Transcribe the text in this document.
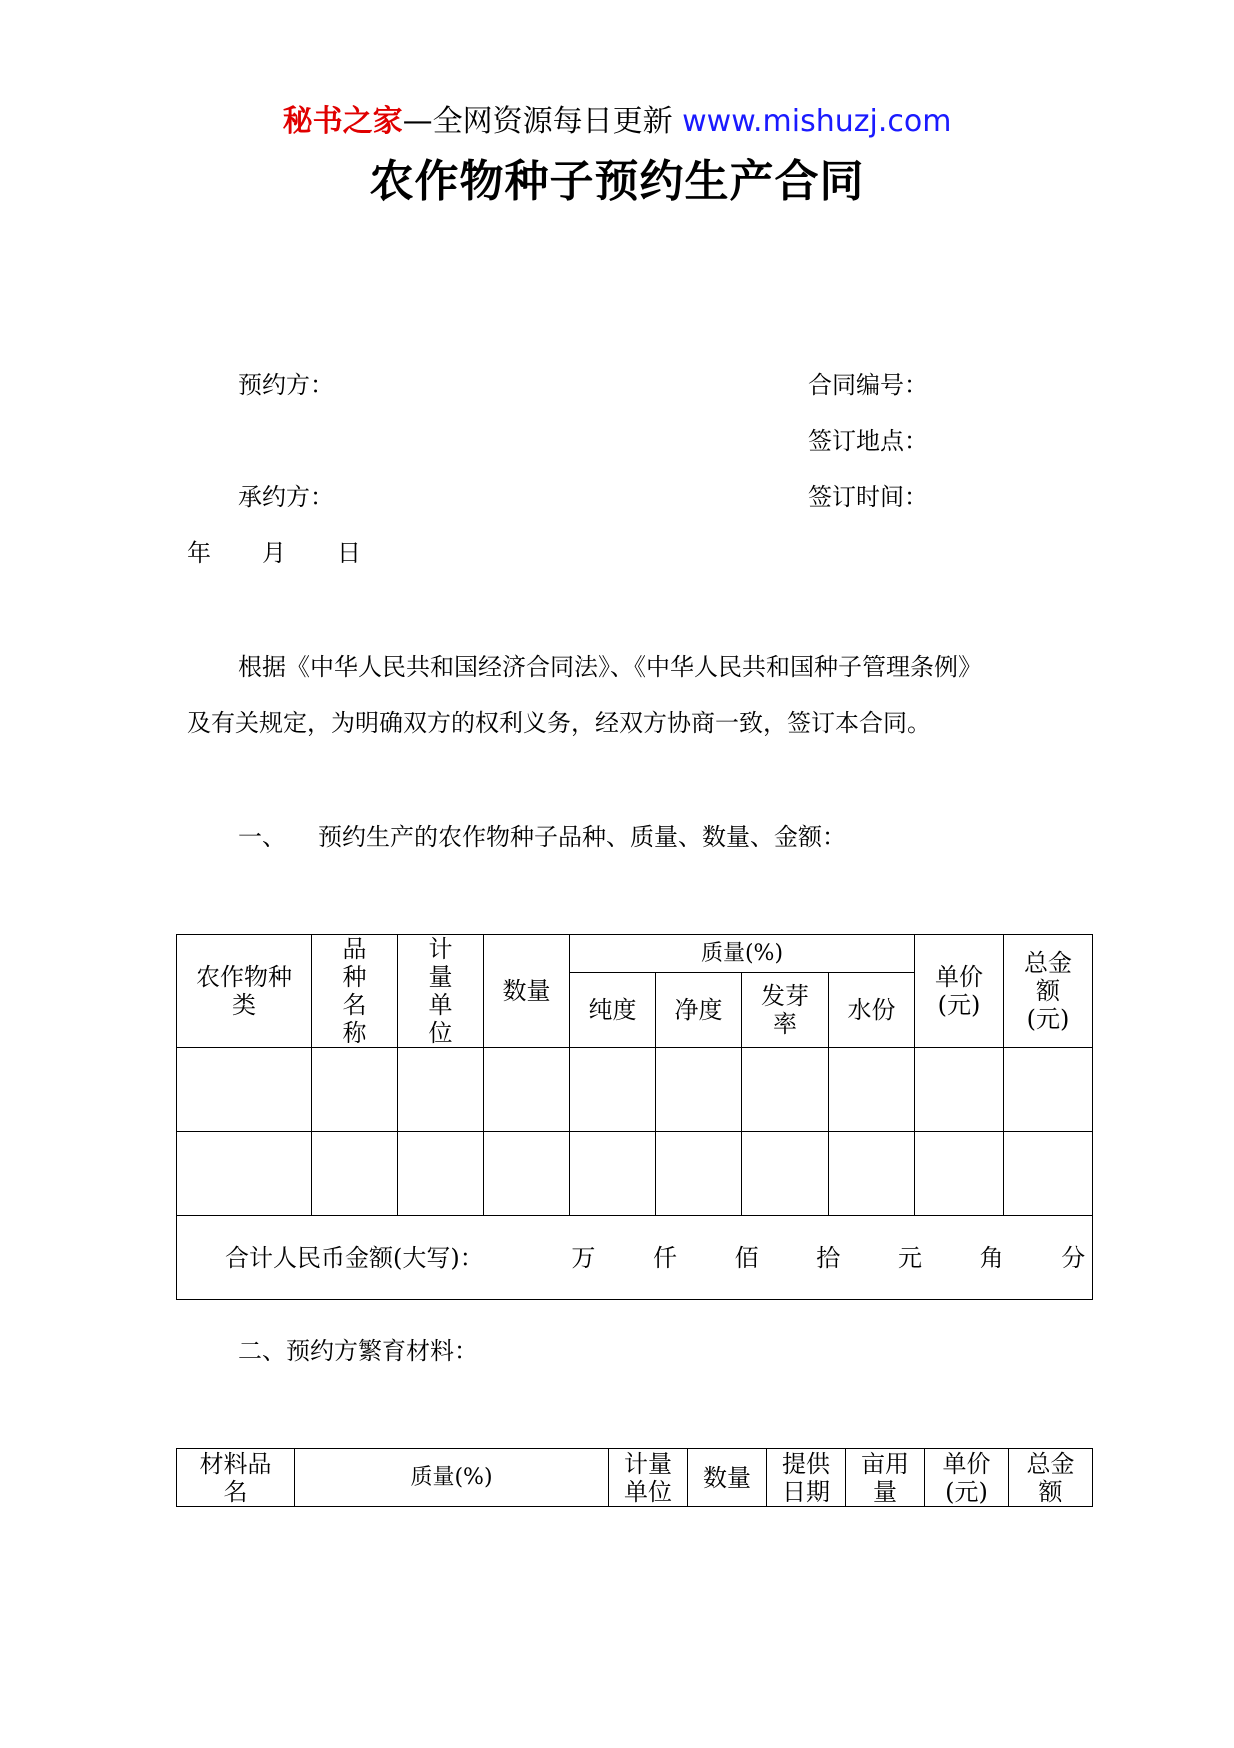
秘书之家—全网资源每日更新 www.mishuzj.com
农作物种子预约生产合同
预约方：	合同编号：
签订地点：
承约方：	签订时间：
年 月 日
根据《中华人民共和国经济合同法》、《中华人民共和国种子管理条例》
及有关规定，为明确双方的权利义务，经双方协商一致，签订本合同。
一、 预约生产的农作物种子品种、质量、数量、金额：
农作物种类	品种名称	计量单位	数量	质量(%)				单价(元)	总金额(元)
				纯度	净度	发芽率	水份		

合计人民币金额(大写)： 万 仟 佰 拾 元 角 分									
二、预约方繁育材料：
材料品名	质量(%)	计量单位	数量	提供日期	亩用量	单价(元)	总金额
